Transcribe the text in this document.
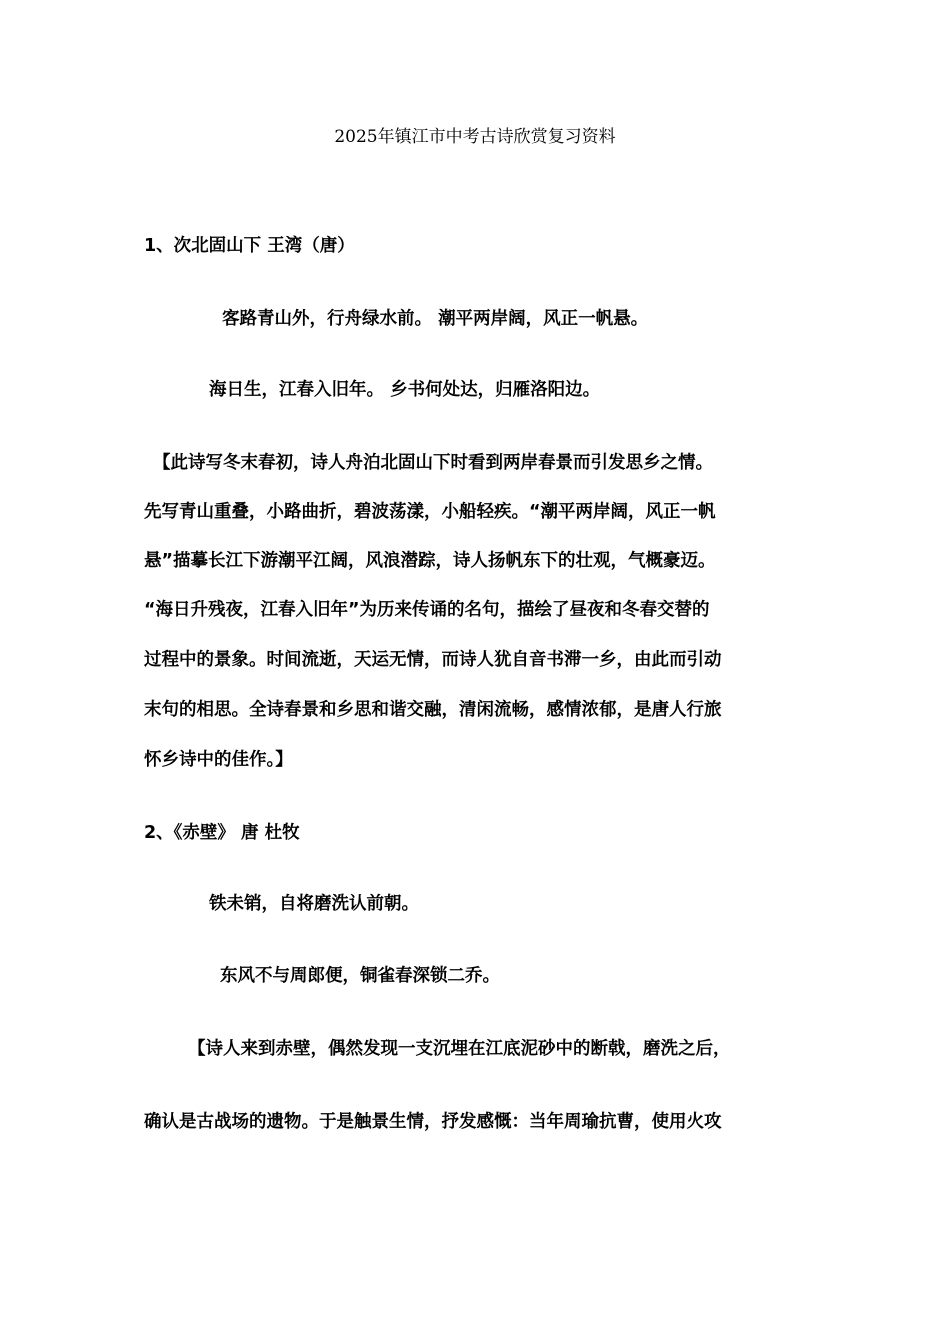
2025年镇江市中考古诗欣赏复习资料
1、次北固山下 王湾（唐）
客路青山外，行舟绿水前。 潮平两岸阔，风正一帆悬。
海日生，江春入旧年。 乡书何处达，归雁洛阳边。
【此诗写冬末春初，诗人舟泊北固山下时看到两岸春景而引发思乡之情。
先写青山重叠，小路曲折，碧波荡漾，小船轻疾。“潮平两岸阔，风正一帆
悬”描摹长江下游潮平江阔，风浪潜踪，诗人扬帆东下的壮观，气概豪迈。
“海日升残夜，江春入旧年”为历来传诵的名句，描绘了昼夜和冬春交替的
过程中的景象。时间流逝，天运无情，而诗人犹自音书滞一乡，由此而引动
末句的相思。全诗春景和乡思和谐交融，清闲流畅，感情浓郁，是唐人行旅
怀乡诗中的佳作。】
2、《赤壁》 唐 杜牧
铁未销，自将磨洗认前朝。
东风不与周郎便，铜雀春深锁二乔。
【诗人来到赤壁，偶然发现一支沉埋在江底泥砂中的断戟，磨洗之后，
确认是古战场的遗物。于是触景生情，抒发感慨：当年周瑜抗曹，使用火攻
